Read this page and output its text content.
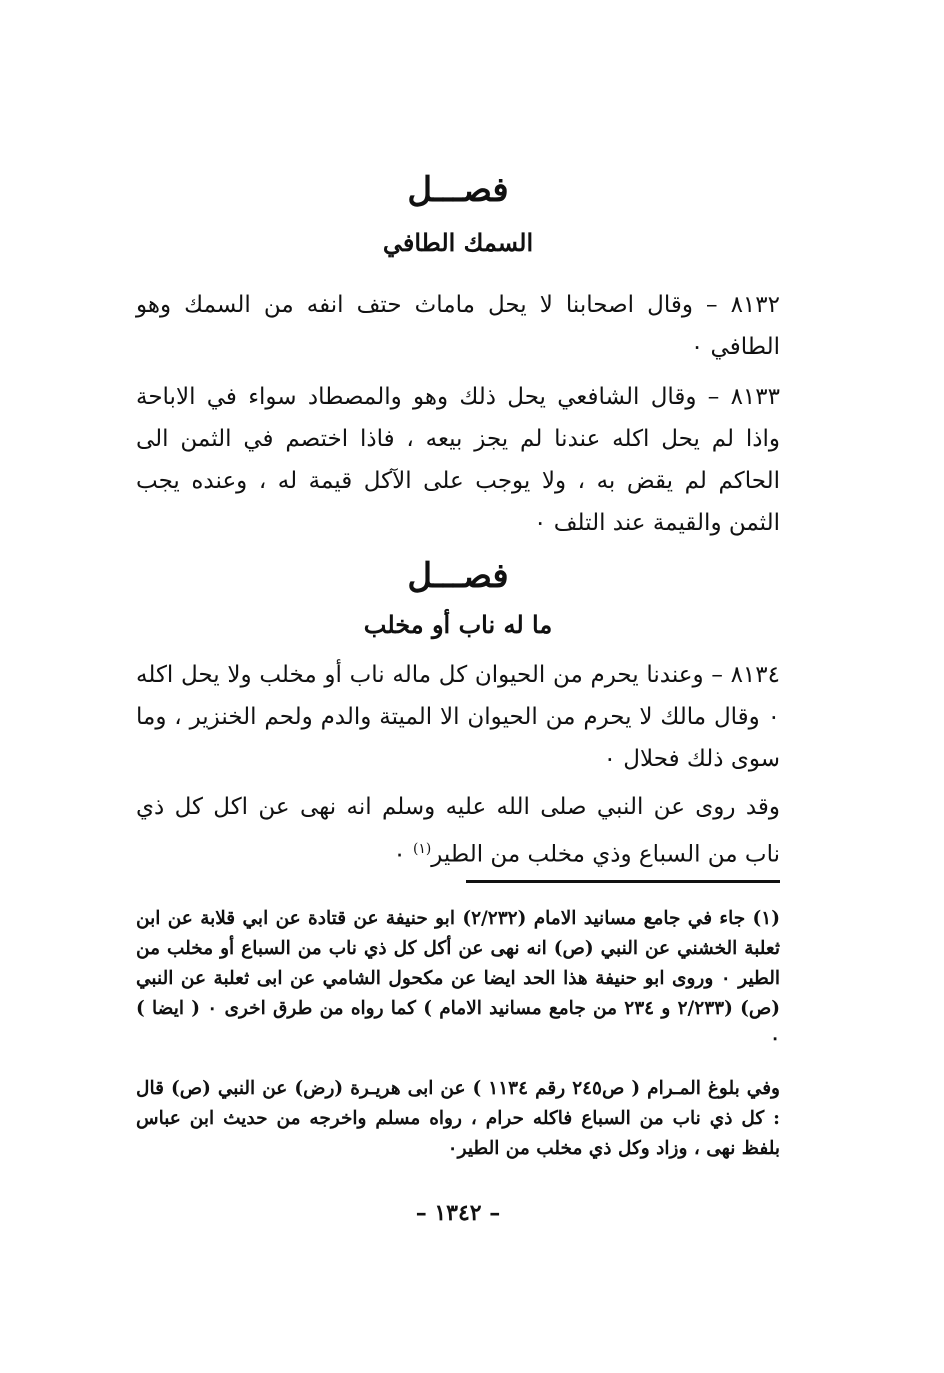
فصـــل
السمك الطافي
٨١٣٢ – وقال اصحابنا لا يحل ماماث حتف انفه من السمك وهو الطافي ٠
٨١٣٣ – وقال الشافعي يحل ذلك وهو والمصطاد سواء في الاباحة واذا لم يحل اكله عندنا لم يجز بيعه ، فاذا اختصم في الثمن الى الحاكم لم يقض به ، ولا يوجب على الآكل قيمة له ، وعنده يجب الثمن والقيمة عند التلف ٠
فصـــل
ما له ناب أو مخلب
٨١٣٤ – وعندنا يحرم من الحيوان كل ماله ناب أو مخلب ولا يحل اكله ٠ وقال مالك لا يحرم من الحيوان الا الميتة والدم ولحم الخنزير ، وما سوى ذلك فحلال ٠
وقد روى عن النبي صلى الله عليه وسلم انه نهى عن اكل كل ذي ناب من السباع وذي مخلب من الطير$^{(١)}$ ٠
(١) جاء في جامع مسانيد الامام (٢/٢٣٢) ابو حنيفة عن قتادة عن ابي قلابة عن ابن ثعلبة الخشني عن النبي (ص) انه نهى عن أكل كل ذي ناب من السباع أو مخلب من الطير ٠ وروى ابو حنيفة هذا الحد ايضا عن مكحول الشامي عن ابى ثعلبة عن النبي (ص) (٢/٢٣٣ و ٢٣٤ من جامع مسانيد الامام ) كما رواه من طرق اخرى ٠ ( ايضا ) ٠
وفي بلوغ المـرام ( ص٢٤٥ رقم ١١٣٤ ) عن ابى هريـرة (رض) عن النبي (ص) قال : كل ذي ناب من السباع فاكله حرام ، رواه مسلم واخرجه من حديث ابن عباس بلفظ نهى ، وزاد وكل ذي مخلب من الطير٠
– ١٣٤٢ –
